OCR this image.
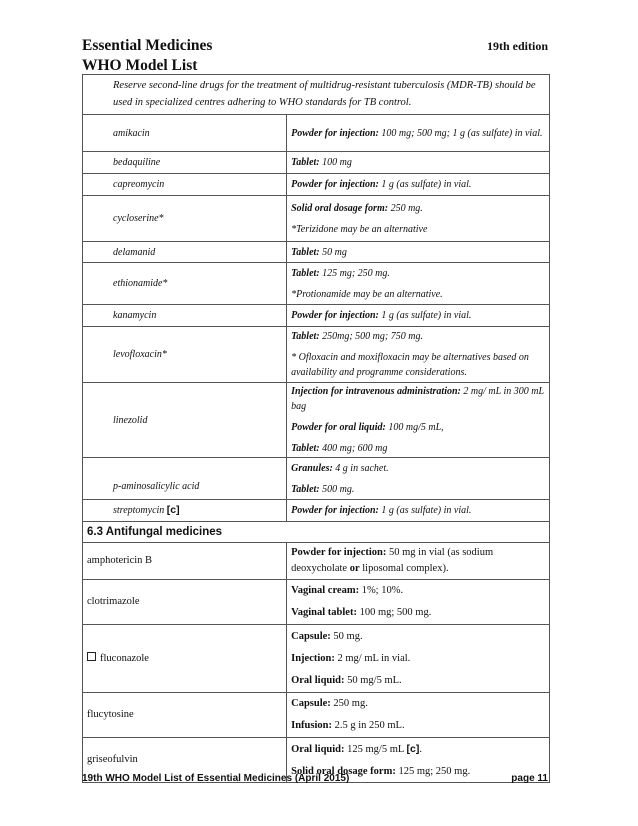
Essential Medicines
WHO Model List
19th edition
Reserve second-line drugs for the treatment of multidrug-resistant tuberculosis (MDR-TB) should be used in specialized centres adhering to WHO standards for TB control.	
amikacin	Powder for injection: 100 mg; 500 mg; 1 g (as sulfate) in vial.
bedaquiline	Tablet: 100 mg
capreomycin	Powder for injection: 1 g (as sulfate) in vial.
cycloserine*	Solid oral dosage form: 250 mg.

*Terizidone may be an alternative

delamanid	Tablet: 50 mg
ethionamide*	Tablet: 125 mg; 250 mg.

*Protionamide may be an alternative.

kanamycin	Powder for injection: 1 g (as sulfate) in vial.
levofloxacin*	Tablet: 250mg; 500 mg; 750 mg.

* Ofloxacin and moxifloxacin may be alternatives based on availability and programme considerations.

linezolid	Injection for intravenous administration: 2 mg/ mL in 300 mL bag

Powder for oral liquid: 100 mg/5 mL,

Tablet: 400 mg; 600 mg

p-aminosalicylic acid	Granules: 4 g in sachet.

Tablet: 500 mg.

streptomycin [c]	Powder for injection: 1 g (as sulfate) in vial.
6.3 Antifungal medicines	
amphotericin B	Powder for injection: 50 mg in vial (as sodium deoxycholate or liposomal complex).
clotrimazole	Vaginal cream: 1%; 10%.

Vaginal tablet: 100 mg; 500 mg.

fluconazole	Capsule: 50 mg.

Injection: 2 mg/ mL in vial.

Oral liquid: 50 mg/5 mL.

flucytosine	Capsule: 250 mg.

Infusion: 2.5 g in 250 mL.

griseofulvin	Oral liquid: 125 mg/5 mL [c].

Solid oral dosage form: 125 mg; 250 mg.

19th WHO Model List of Essential Medicines (April 2015)	page 11
